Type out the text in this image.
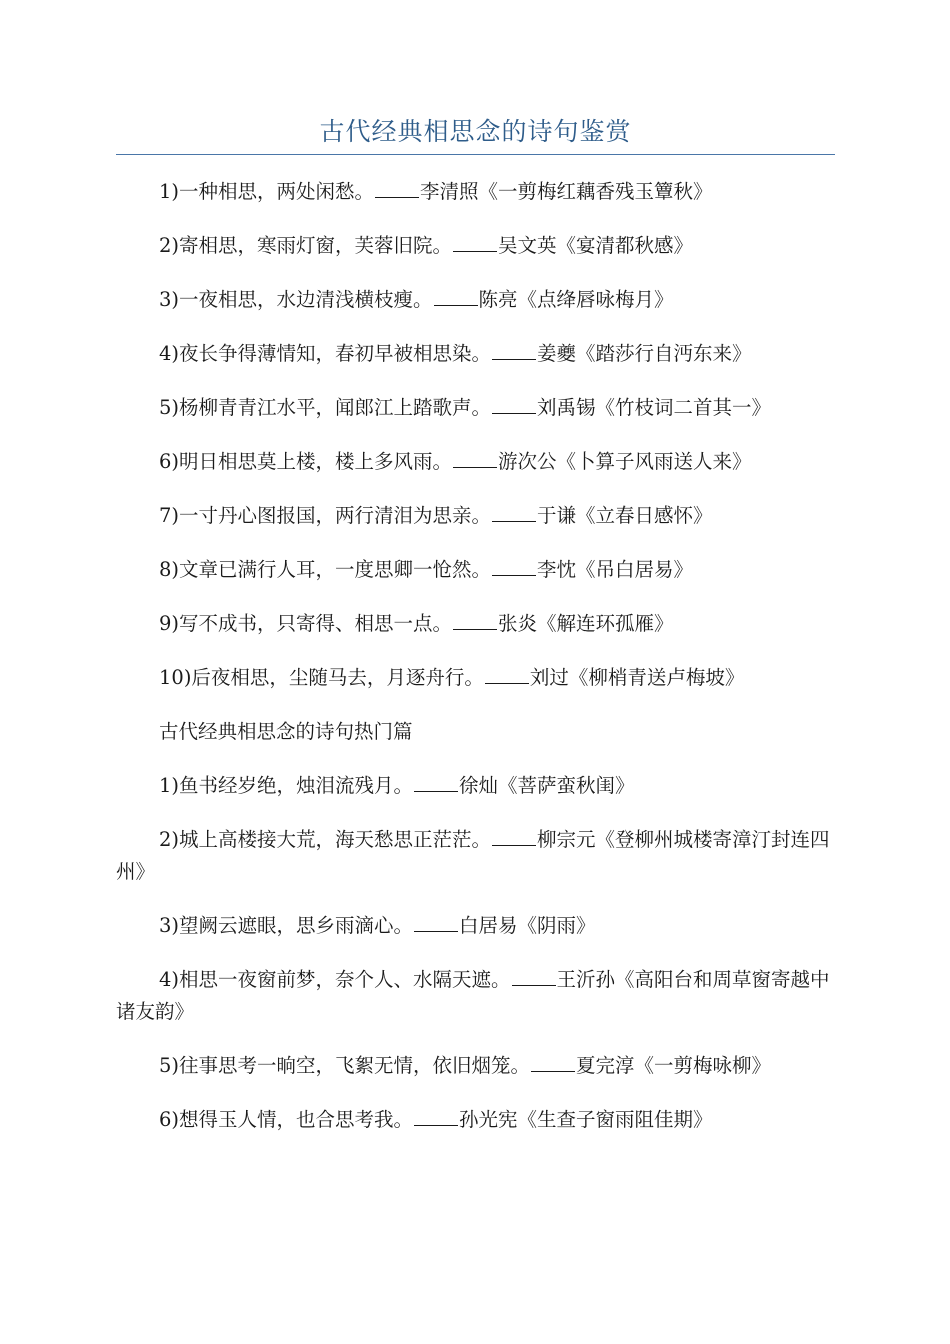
古代经典相思念的诗句鉴赏

1)一种相思，两处闲愁。 李清照《一剪梅红藕香残玉簟秋》

2)寄相思，寒雨灯窗，芙蓉旧院。 吴文英《宴清都秋感》

3)一夜相思，水边清浅横枝瘦。 陈亮《点绛唇咏梅月》

4)夜长争得薄情知，春初早被相思染。 姜夔《踏莎行自沔东来》

5)杨柳青青江水平，闻郎江上踏歌声。 刘禹锡《竹枝词二首其一》

6)明日相思莫上楼，楼上多风雨。 游次公《卜算子风雨送人来》

7)一寸丹心图报国，两行清泪为思亲。 于谦《立春日感怀》

8)文章已满行人耳，一度思卿一怆然。 李忱《吊白居易》

9)写不成书，只寄得、相思一点。 张炎《解连环孤雁》

10)后夜相思，尘随马去，月逐舟行。 刘过《柳梢青送卢梅坡》

古代经典相思念的诗句热门篇

1)鱼书经岁绝，烛泪流残月。 徐灿《菩萨蛮秋闺》

2)城上高楼接大荒，海天愁思正茫茫。 柳宗元《登柳州城楼寄漳汀封连四州》

3)望阙云遮眼，思乡雨滴心。 白居易《阴雨》

4)相思一夜窗前梦，奈个人、水隔天遮。 王沂孙《高阳台和周草窗寄越中诸友韵》

5)往事思考一晌空，飞絮无情，依旧烟笼。 夏完淳《一剪梅咏柳》

6)想得玉人情，也合思考我。 孙光宪《生查子窗雨阻佳期》
